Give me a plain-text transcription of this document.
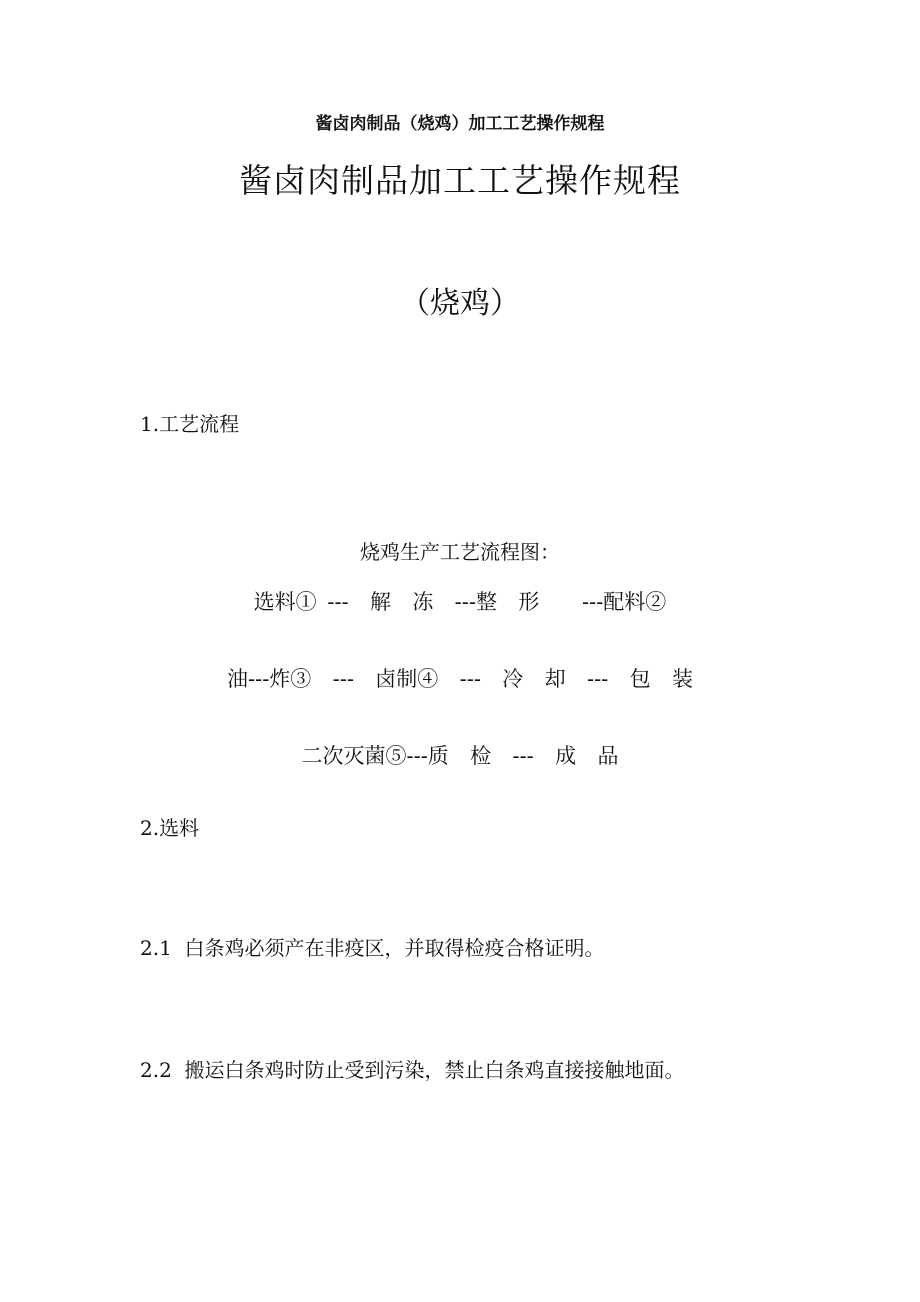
酱卤肉制品（烧鸡）加工工艺操作规程
酱卤肉制品加工工艺操作规程
（烧鸡）
1.工艺流程
烧鸡生产工艺流程图：
选料① ---  解  冻  ---整  形    ---配料②
油---炸③  ---  卤制④  ---  冷  却  ---  包  装
二次灭菌⑤---质  检  ---  成  品
2.选料
2.1  白条鸡必须产在非疫区，并取得检疫合格证明。
2.2  搬运白条鸡时防止受到污染，禁止白条鸡直接接触地面。
